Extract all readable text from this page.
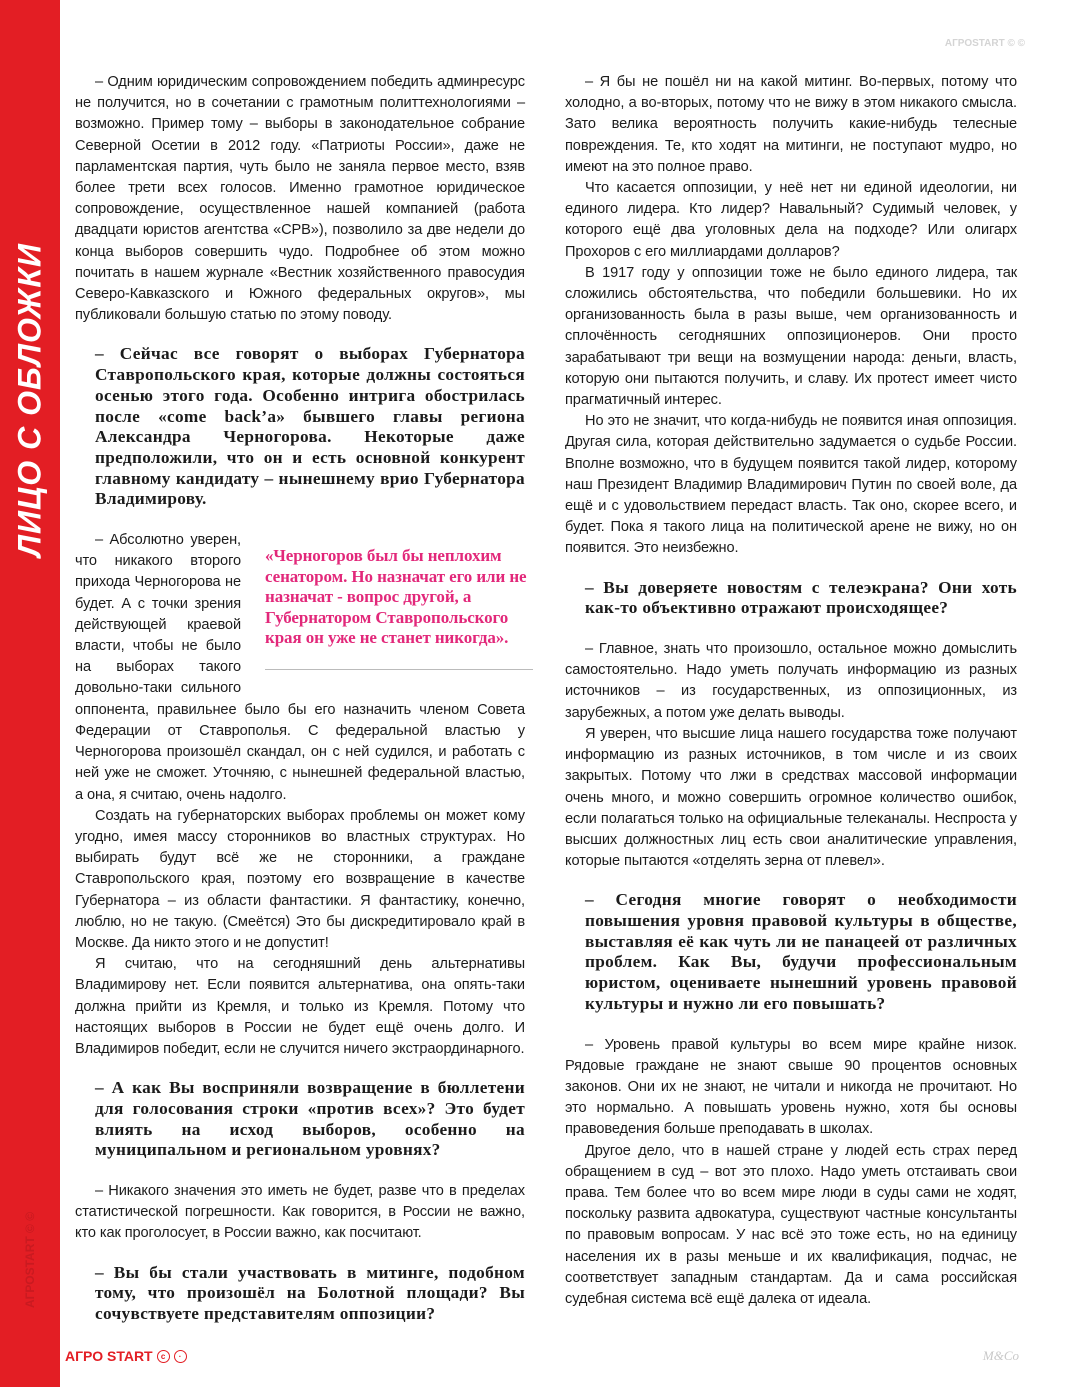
ЛИЦО С ОБЛОЖКИ
АГРОSTART © ©
АГРОSTART © ©

– Одним юридическим сопровождением победить админресурс не получится, но в сочетании с грамотным политтехнологиями – возможно. Пример тому – выборы в законодательное собрание Северной Осетии в 2012 году. «Патриоты России», даже не парламентская партия, чуть было не заняла первое место, взяв более трети всех голосов. Именно грамотное юридическое сопровождение, осуществленное нашей компанией (работа двадцати юристов агентства «СРВ»), позволило за две недели до конца выборов совершить чудо. Подробнее об этом можно почитать в нашем журнале «Вестник хозяйственного правосудия Северо-Кавказского и Южного федеральных округов», мы публиковали большую статью по этому поводу.

– Сейчас все говорят о выборах Губернатора Ставропольского края, которые должны состояться осенью этого года. Особенно интрига обострилась после «come back’а» бывшего главы региона Александра Черногорова. Некоторые даже предположили, что он и есть основной конкурент главному кандидату – нынешнему врио Губернатора Владимирову.

«Черногоров был бы неплохим сенатором. Но назначат его или не назначат - вопрос другой, а Губернатором Ставропольского края он уже не станет никогда».

– Абсолютно уверен, что никакого второго прихода Черногорова не будет. А с точки зрения действующей краевой власти, чтобы не было на выборах такого довольно-таки сильного оппонента, правильнее было бы его назначить членом Совета Федерации от Ставрополья. С федеральной властью у Черногорова произошёл скандал, он с ней судился, и работать с ней уже не сможет. Уточняю, с нынешней федеральной властью, а она, я считаю, очень надолго.

Создать на губернаторских выборах проблемы он может кому угодно, имея массу сторонников во властных структурах. Но выбирать будут всё же не сторонники, а граждане Ставропольского края, поэтому его возвращение в качестве Губернатора – из области фантастики. Я фантастику, конечно, люблю, но не такую. (Смеётся) Это бы дискредитировало край в Москве. Да никто этого и не допустит!

Я считаю, что на сегодняшний день альтернативы Владимирову нет. Если появится альтернатива, она опять-таки должна прийти из Кремля, и только из Кремля. Потому что настоящих выборов в России не будет ещё очень долго. И Владимиров победит, если не случится ничего экстраординарного.

– А как Вы восприняли возвращение в бюллетени для голосования строки «против всех»? Это будет влиять на исход выборов, особенно на муниципальном и региональном уровнях?

– Никакого значения это иметь не будет, разве что в пределах статистической погрешности. Как говорится, в России не важно, кто как проголосует, в России важно, как посчитают.

– Вы бы стали участвовать в митинге, подобном тому, что произошёл на Болотной площади? Вы сочувствуете представителям оппозиции?

– Я бы не пошёл ни на какой митинг. Во-первых, потому что холодно, а во-вторых, потому что не вижу в этом никакого смысла. Зато велика вероятность получить какие-нибудь телесные повреждения. Те, кто ходят на митинги, не поступают мудро, но имеют на это полное право.

Что касается оппозиции, у неё нет ни единой идеологии, ни единого лидера. Кто лидер? Навальный? Судимый человек, у которого ещё два уголовных дела на подходе? Или олигарх Прохоров с его миллиардами долларов?

В 1917 году у оппозиции тоже не было единого лидера, так сложились обстоятельства, что победили большевики. Но их организованность была в разы выше, чем организованность и сплочённость сегодняшних оппозиционеров. Они просто зарабатывают три вещи на возмущении народа: деньги, власть, которую они пытаются получить, и славу. Их протест имеет чисто прагматичный интерес.

Но это не значит, что когда-нибудь не появится иная оппозиция. Другая сила, которая действительно задумается о судьбе России. Вполне возможно, что в будущем появится такой лидер, которому наш Президент Владимир Владимирович Путин по своей воле, да ещё и с удовольствием передаст власть. Так оно, скорее всего, и будет. Пока я такого лица на политической арене не вижу, но он появится. Это неизбежно.

– Вы доверяете новостям с телеэкрана? Они хоть как-то объективно отражают происходящее?

– Главное, знать что произошло, остальное можно домыслить самостоятельно. Надо уметь получать информацию из разных источников – из государственных, из оппозиционных, из зарубежных, а потом уже делать выводы.

Я уверен, что высшие лица нашего государства тоже получают информацию из разных источников, в том числе и из своих закрытых. Потому что лжи в средствах массовой информации очень много, и можно совершить огромное количество ошибок, если полагаться только на официальные телеканалы. Неспроста у высших должностных лиц есть свои аналитические управления, которые пытаются «отделять зерна от плевел».

– Сегодня многие говорят о необходимости повышения уровня правовой культуры в обществе, выставляя её как чуть ли не панацеей от различных проблем. Как Вы, будучи профессиональным юристом, оцениваете нынешний уровень правовой культуры и нужно ли его повышать?

– Уровень правой культуры во всем мире крайне низок. Рядовые граждане не знают свыше 90 процентов основных законов. Они их не знают, не читали и никогда не прочитают. Но это нормально. А повышать уровень нужно, хотя бы основы правоведения больше преподавать в школах.

Другое дело, что в нашей стране у людей есть страх перед обращением в суд – вот это плохо. Надо уметь отстаивать свои права. Тем более что во всем мире люди в суды сами не ходят, поскольку развита адвокатура, существуют частные консультанты по правовым вопросам. У нас всё это тоже есть, но на единицу населения их в разы меньше и их квалификация, подчас, не соответствует западным стандартам. Да и сама российская судебная система всё ещё далека от идеала.

АГРО START	c	·	M&Co
